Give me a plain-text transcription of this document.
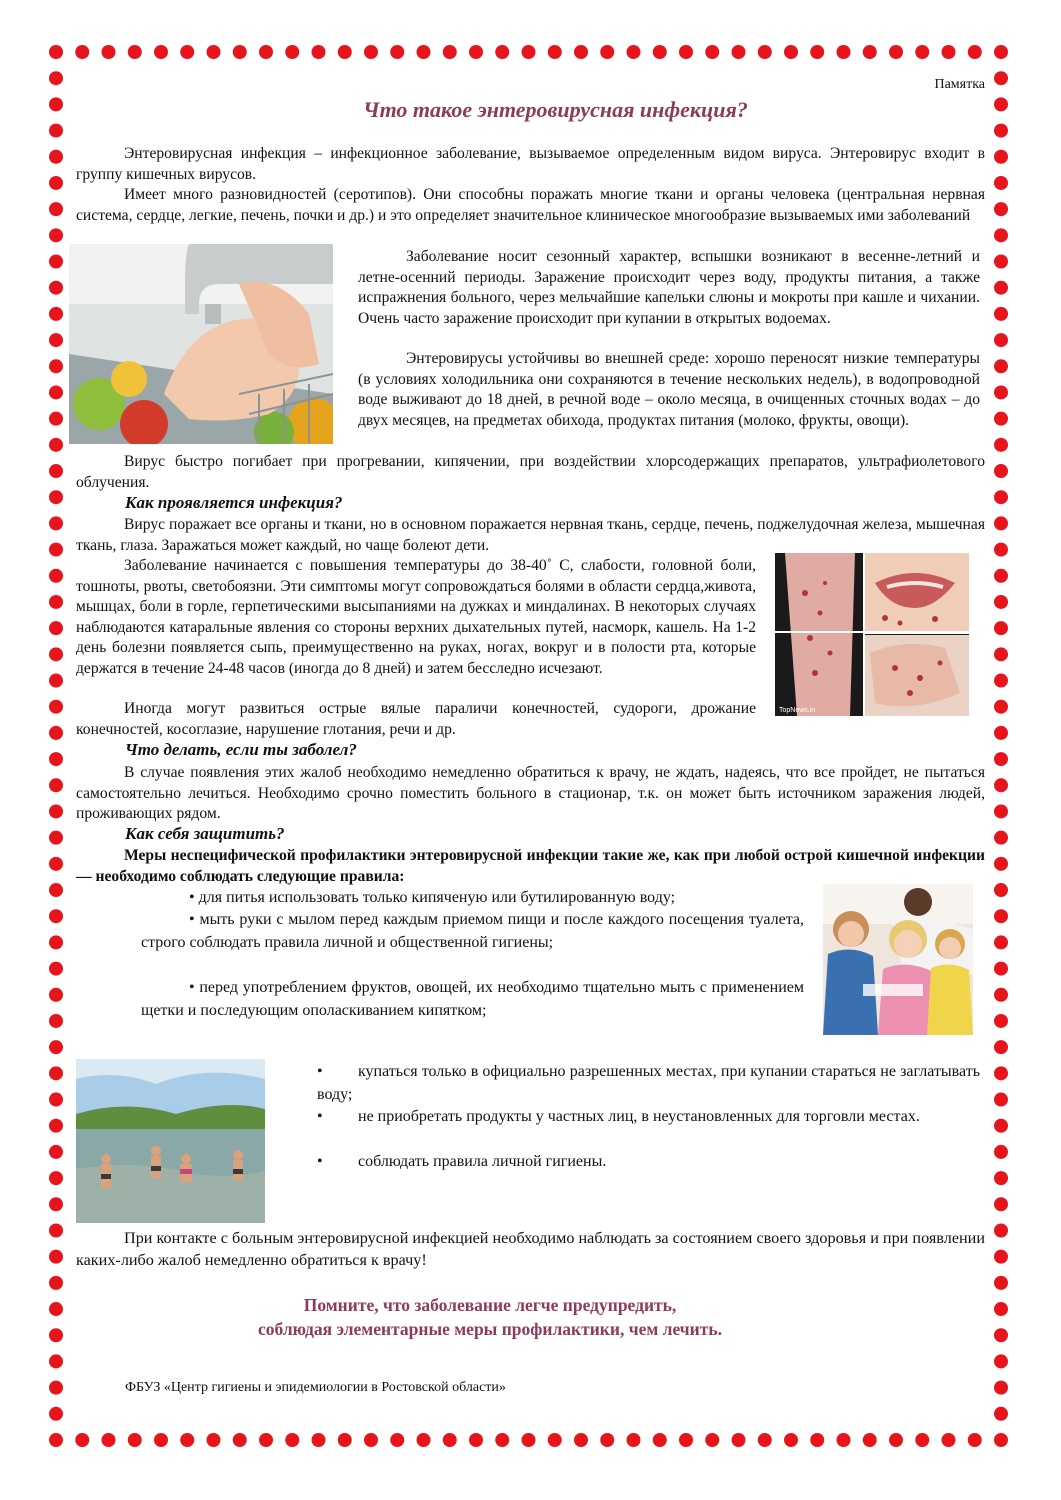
Памятка
Что такое энтеровирусная инфекция?

Энтеровирусная инфекция – инфекционное заболевание, вызываемое определенным видом вируса. Энтеровирус входит в группу кишечных вирусов.

Имеет много разновидностей (серотипов). Они способны поражать многие ткани и органы человека (центральная нервная система, сердце, легкие, печень, почки и др.) и это определяет значительное клиническое многообразие вызываемых ими заболеваний

Заболевание носит сезонный характер, вспышки возникают в весенне-летний и летне-осенний периоды. Заражение происходит через воду, продукты питания, а также испражнения больного, через мельчайшие капельки слюны и мокроты при кашле и чихании. Очень часто заражение происходит при купании в открытых водоемах.

Энтеровирусы устойчивы во внешней среде: хорошо переносят низкие температуры (в условиях холодильника они сохраняются в течение нескольких недель), в водопроводной воде выживают до 18 дней, в речной воде – около месяца, в очищенных сточных водах – до двух месяцев, на предметах обихода, продуктах питания (молоко, фрукты, овощи).

Вирус быстро погибает при прогревании, кипячении, при воздействии хлорсодержащих препаратов, ультрафиолетового облучения.

Как проявляется инфекция?

Вирус поражает все органы и ткани, но в основном поражается нервная ткань, сердце, печень, поджелудочная железа, мышечная ткань, глаза. Заражаться может каждый, но чаще болеют дети.

Заболевание начинается с повышения температуры до 38-40˚ С, слабости, головной боли, тошноты, рвоты, светобоязни. Эти симптомы могут сопровождаться болями в области сердца,живота, мышцах, боли в горле, герпетическими высыпаниями на дужках и миндалинах. В некоторых случаях наблюдаются катаральные явления со стороны верхних дыхательных путей, насморк, кашель. На 1-2 день болезни появляется сыпь, преимущественно на руках, ногах, вокруг и в полости рта, которые держатся в течение 24-48 часов (иногда до 8 дней) и затем бесследно исчезают.

TopNews.in

Иногда могут развиться острые вялые параличи конечностей, судороги, дрожание конечностей, косоглазие, нарушение глотания, речи и др.

Что делать, если ты заболел?

В случае появления этих жалоб необходимо немедленно обратиться к врачу, не ждать, надеясь, что все пройдет, не пытаться самостоятельно лечиться. Необходимо срочно поместить больного в стационар, т.к. он может быть источником заражения людей, проживающих рядом.

Как себя защитить?

Меры неспецифической профилактики энтеровирусной инфекции такие же, как при любой острой кишечной инфекции — необходимо соблюдать следующие правила:

• для питья использовать только кипяченую или бутилированную воду;
• мыть руки с мылом перед каждым приемом пищи и после каждого посещения туалета, строго соблюдать правила личной и общественной гигиены;
• перед употреблением фруктов, овощей, их необходимо тщательно мыть с применением щетки и последующим ополаскиванием кипятком;
•	купаться только в официально разрешенных местах, при купании стараться не заглатывать воду;
•	не приобретать продукты у частных лиц, в неустановленных для торговли местах.
•	соблюдать правила личной гигиены.

При контакте с больным энтеровирусной инфекцией необходимо наблюдать за состоянием своего здоровья и при появлении каких-либо жалоб немедленно обратиться к врачу!

Помните, что заболевание легче предупредить,
соблюдая элементарные меры профилактики, чем лечить.
ФБУЗ «Центр гигиены и эпидемиологии в Ростовской области»
